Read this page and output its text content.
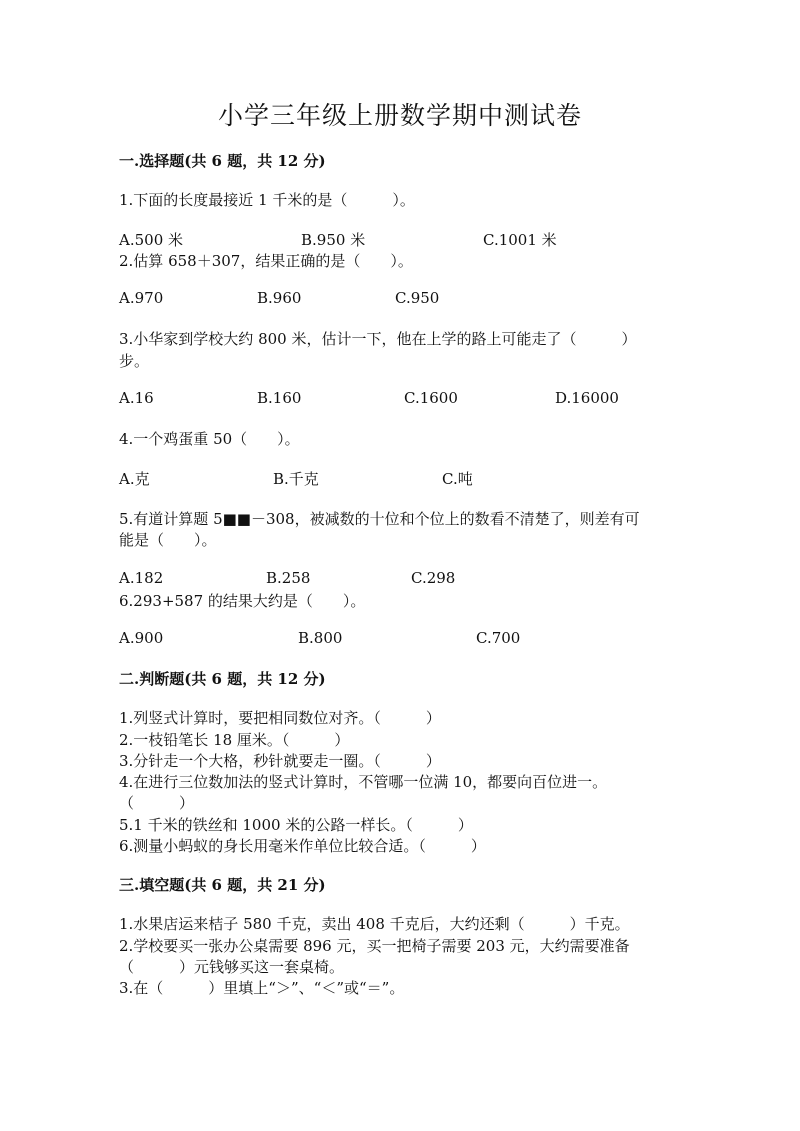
小学三年级上册数学期中测试卷
一.选择题(共 6 题，共 12 分)
1.下面的长度最接近 1 千米的是（　　　）。
A.500 米	B.950 米	C.1001 米
2.估算 658＋307，结果正确的是（　　）。
A.970	B.960	C.950
3.小华家到学校大约 800 米，估计一下，他在上学的路上可能走了（　　　）
步。
A.16	B.160	C.1600	D.16000
4.一个鸡蛋重 50（　　）。
A.克	B.千克	C.吨
5.有道计算题 5■■－308，被减数的十位和个位上的数看不清楚了，则差有可
能是（　　）。
A.182	B.258	C.298
6.293+587 的结果大约是（　　）。
A.900	B.800	C.700
二.判断题(共 6 题，共 12 分)
1.列竖式计算时，要把相同数位对齐。（　　　）
2.一枝铅笔长 18 厘米。（　　　）
3.分针走一个大格，秒针就要走一圈。（　　　）
4.在进行三位数加法的竖式计算时，不管哪一位满 10，都要向百位进一。
（　　　）
5.1 千米的铁丝和 1000 米的公路一样长。（　　　）
6.测量小蚂蚁的身长用毫米作单位比较合适。（　　　）
三.填空题(共 6 题，共 21 分)
1.水果店运来桔子 580 千克，卖出 408 千克后，大约还剩（　　　）千克。
2.学校要买一张办公桌需要 896 元，买一把椅子需要 203 元，大约需要准备
（　　　）元钱够买这一套桌椅。
3.在（　　　）里填上“＞”、“＜”或“＝”。
